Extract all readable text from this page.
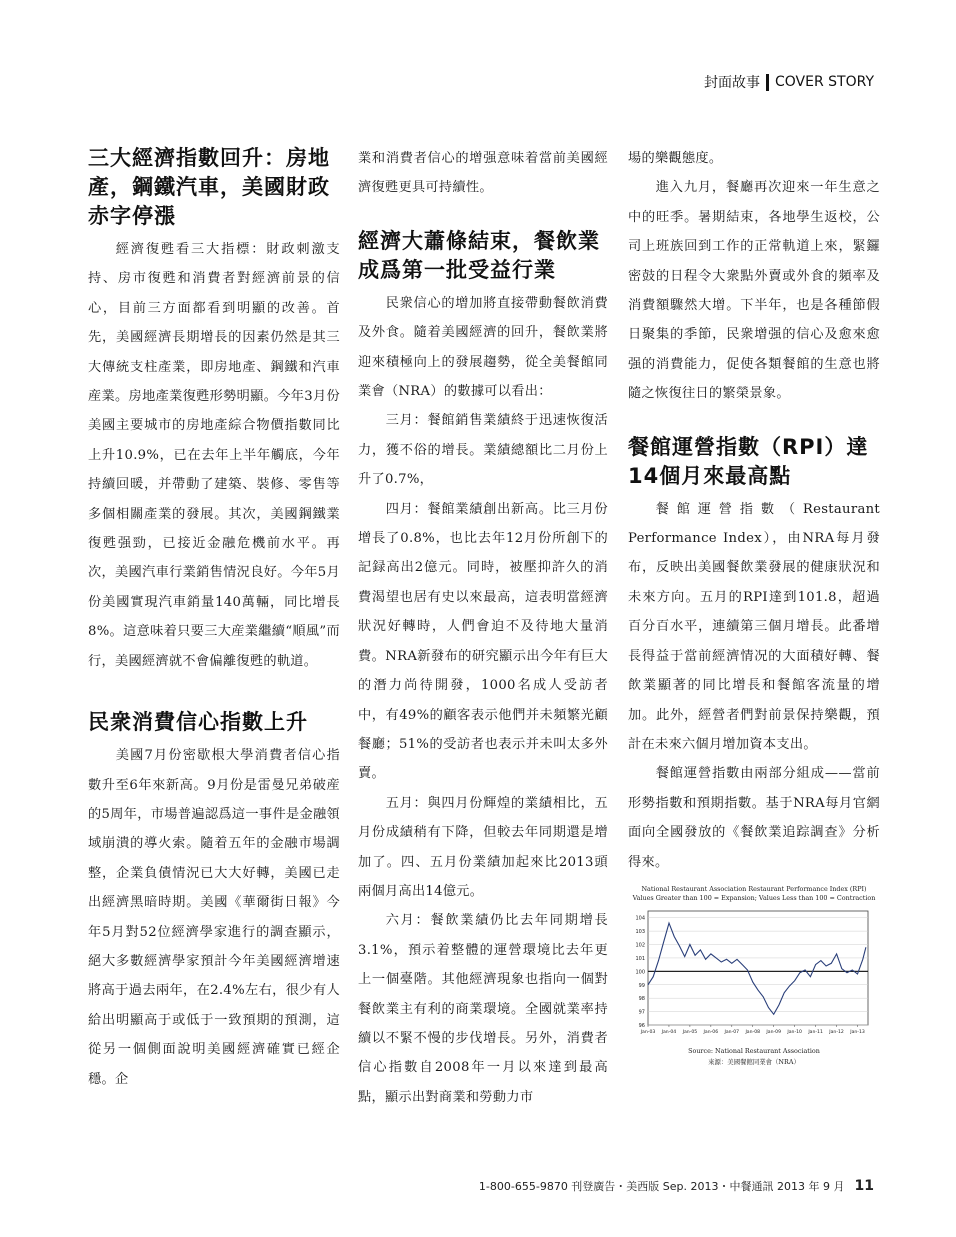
封面故事 COVER STORY
三大經濟指數回升：房地產，鋼鐵汽車，美國財政赤字停漲

經濟復甦看三大指標：財政刺激支持、房市復甦和消費者對經濟前景的信心，目前三方面都看到明顯的改善。首先，美國經濟長期增長的因素仍然是其三大傳統支柱產業，即房地產、鋼鐵和汽車産業。房地產業復甦形勢明顯。今年3月份美國主要城市的房地產綜合物價指數同比上升10.9%，已在去年上半年觸底，今年持續回暖，并帶動了建築、裝修、零售等多個相關產業的發展。其次，美國鋼鐵業復甦强勁，已接近金融危機前水平。再次，美國汽車行業銷售情況良好。今年5月份美國實現汽車銷量140萬輛，同比增長8%。這意味着只要三大産業繼續“順風”而行，美國經濟就不會偏離復甦的軌道。

民衆消費信心指數上升

美國7月份密歇根大學消費者信心指數升至6年來新高。9月份是雷曼兄弟破産的5周年，市場普遍認爲這一事件是金融領域崩潰的導火索。隨着五年的金融市場調整，企業負債情況已大大好轉，美國已走出經濟黑暗時期。美國《華爾街日報》今年5月對52位經濟學家進行的調查顯示，絕大多數經濟學家預計今年美國經濟增速將高于過去兩年，在2.4%左右，很少有人給出明顯高于或低于一致預期的預測，這從另一個側面說明美國經濟確實已經企穩。企

業和消費者信心的增强意味着當前美國經濟復甦更具可持續性。

經濟大蕭條結束，餐飲業成爲第一批受益行業

民衆信心的增加將直接帶動餐飲消費及外食。隨着美國經濟的回升，餐飲業將迎來積極向上的發展趨勢，從全美餐館同業會（NRA）的數據可以看出：

三月：餐館銷售業績終于迅速恢復活力，獲不俗的增長。業績總額比二月份上升了0.7%，

四月：餐館業績創出新高。比三月份增長了0.8%，也比去年12月份所創下的記録高出2億元。同時，被壓抑許久的消費渴望也居有史以來最高，這表明當經濟狀況好轉時，人們會迫不及待地大量消費。NRA新發布的研究顯示出今年有巨大的潛力尚待開發，1000名成人受訪者中，有49%的顧客表示他們并未頻繁光顧餐廳；51%的受訪者也表示并未叫太多外賣。

五月：與四月份輝煌的業績相比，五月份成績稍有下降，但較去年同期還是增加了。四、五月份業績加起來比2013頭兩個月高出14億元。

六月：餐飲業績仍比去年同期增長3.1%，預示着整體的運營環境比去年更上一個臺階。其他經濟現象也指向一個對餐飲業主有利的商業環境。全國就業率持續以不緊不慢的步伐增長。另外，消費者信心指數自2008年一月以來達到最高點，顯示出對商業和勞動力市

場的樂觀態度。

進入九月，餐廳再次迎來一年生意之中的旺季。暑期結束，各地學生返校，公司上班族回到工作的正常軌道上來，緊鑼密鼓的日程令大衆點外賣或外食的頻率及消費額驟然大增。下半年，也是各種節假日聚集的季節，民衆增强的信心及愈來愈强的消費能力，促使各類餐館的生意也將隨之恢復往日的繁榮景象。

餐館運營指數（RPI）達14個月來最高點

餐館運營指數（Restaurant Performance Index），由NRA每月發布，反映出美國餐飲業發展的健康狀況和未來方向。五月的RPI達到101.8，超過百分百水平，連續第三個月增長。此番增長得益于當前經濟情况的大面積好轉、餐飲業顯著的同比增長和餐館客流量的增加。此外，經營者們對前景保持樂觀，預計在未來六個月增加資本支出。

餐館運營指數由兩部分組成——當前形勢指數和預期指數。基于NRA每月官網面向全國發放的《餐飲業追踪調查》分析得來。

National Restaurant Association Restaurant Performance Index (RPI)
Values Greater than 100 = Expansion; Values Less than 100 = Contraction
96
97
98
99
100
101
102
103
104
Jan-03 Jan-04 Jan-05 Jan-06 Jan-07 Jan-08 Jan-09 Jan-10 Jan-11 Jan-12 Jan-13
Source: National Restaurant Association
來源：美國餐館同業會（NRA）
1-800-655-9870 刊登廣告・美西版 Sep. 2013・中餐通訊 2013 年 9 月 11
